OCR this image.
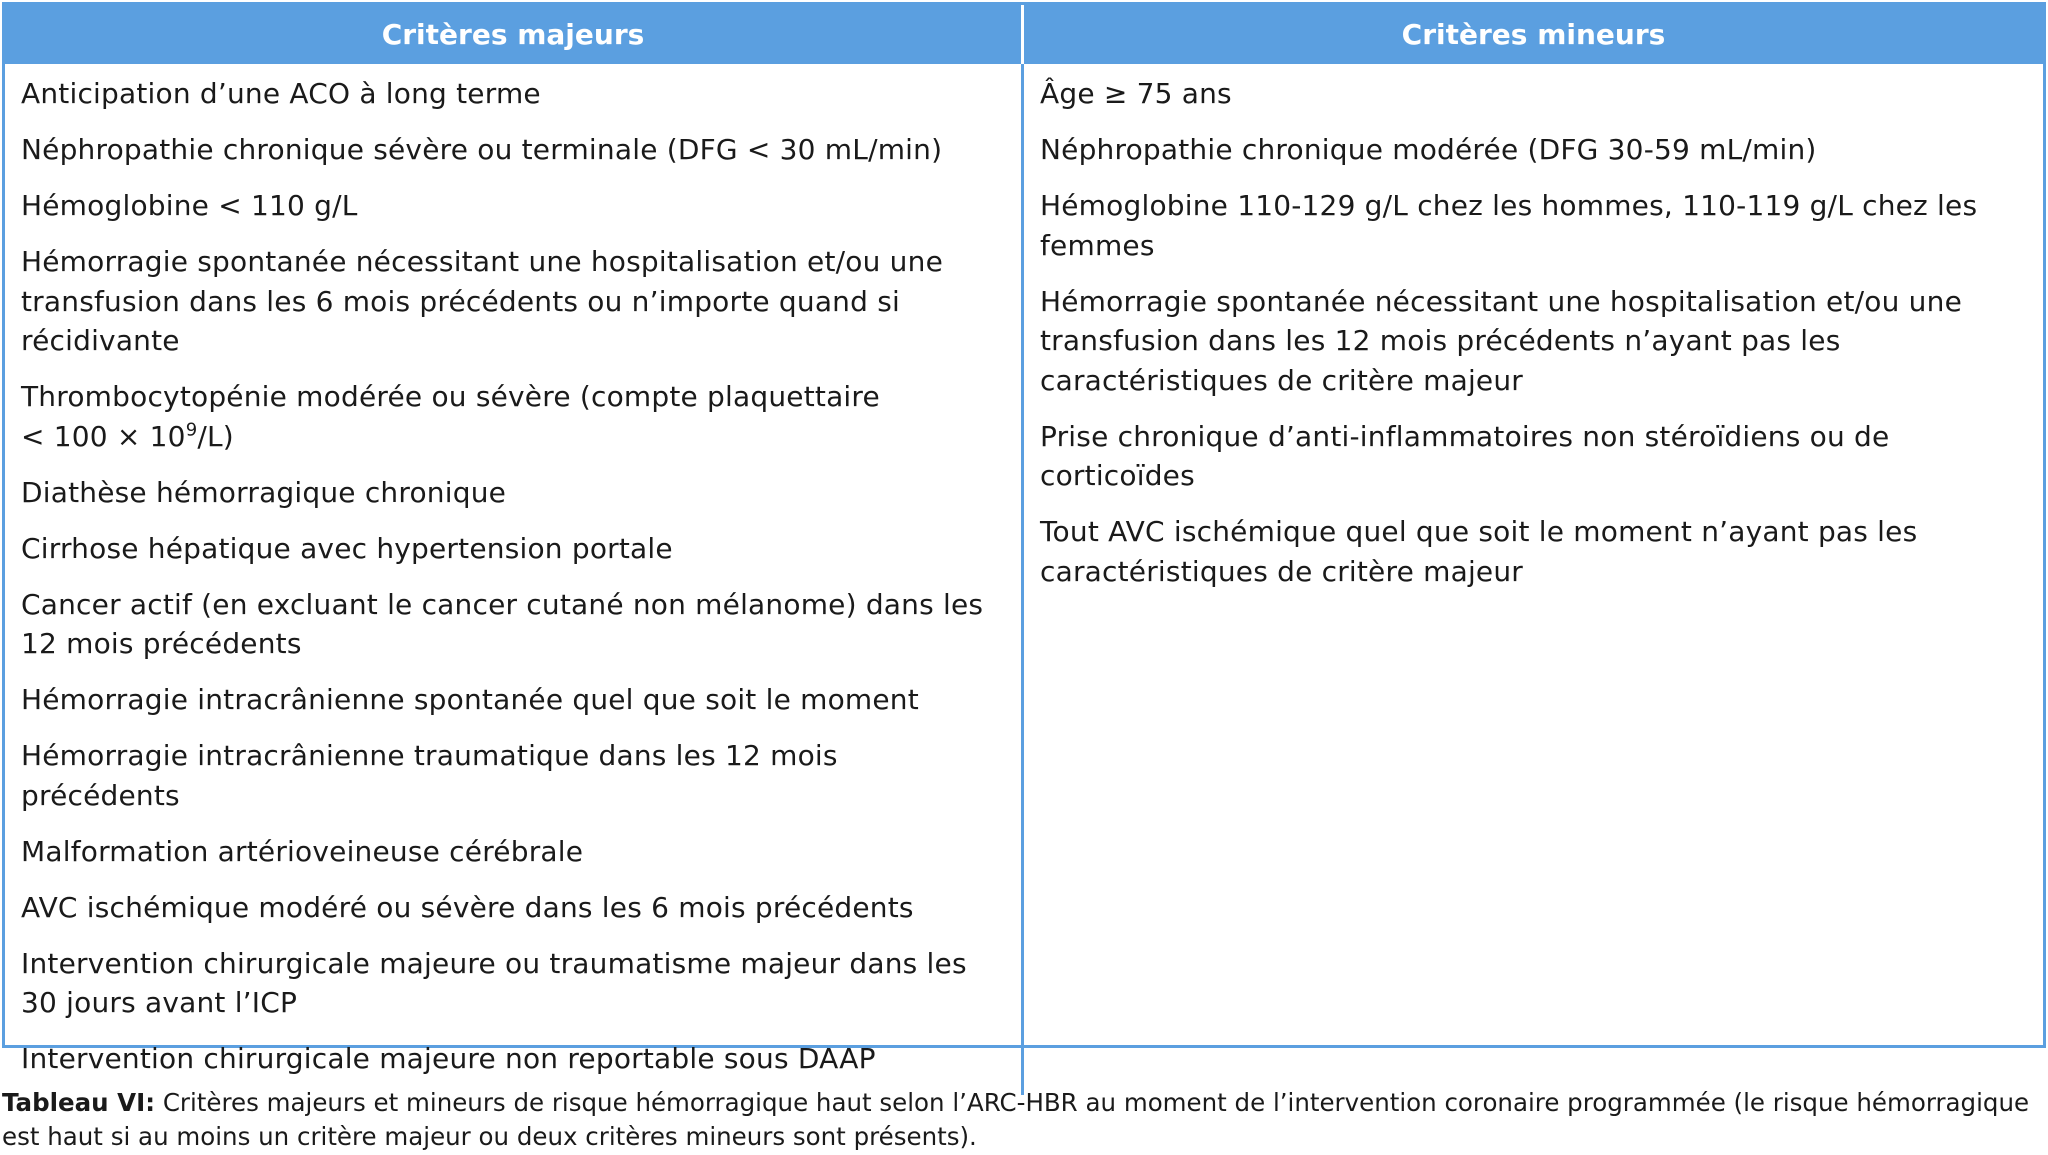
Critères majeurs	Critères mineurs
Anticipation d’une ACO à long terme
Néphropathie chronique sévère ou terminale (DFG < 30 mL/min)
Hémoglobine < 110 g/L
Hémorragie spontanée nécessitant une hospitalisation et/ou une transfusion dans les 6 mois précédents ou n’importe quand si récidivante
Thrombocytopénie modérée ou sévère (compte plaquettaire
< $100 \times 10^9/L$)
Diathèse hémorragique chronique
Cirrhose hépatique avec hypertension portale
Cancer actif (en excluant le cancer cutané non mélanome) dans les 12 mois précédents
Hémorragie intracrânienne spontanée quel que soit le moment
Hémorragie intracrânienne traumatique dans les 12 mois précédents
Malformation artérioveineuse cérébrale
AVC ischémique modéré ou sévère dans les 6 mois précédents
Intervention chirurgicale majeure ou traumatisme majeur dans les 30 jours avant l’ICP
Intervention chirurgicale majeure non reportable sous DAAP
Âge ≥ 75 ans
Néphropathie chronique modérée (DFG 30-59 mL/min)
Hémoglobine 110-129 g/L chez les hommes, 110-119 g/L chez les femmes
Hémorragie spontanée nécessitant une hospitalisation et/ou une transfusion dans les 12 mois précédents n’ayant pas les caractéristiques de critère majeur
Prise chronique d’anti-inflammatoires non stéroïdiens ou de corticoïdes
Tout AVC ischémique quel que soit le moment n’ayant pas les caractéristiques de critère majeur
Tableau VI: Critères majeurs et mineurs de risque hémorragique haut selon l’ARC-HBR au moment de l’intervention coronaire programmée (le risque hémorragique est haut si au moins un critère majeur ou deux critères mineurs sont présents).
